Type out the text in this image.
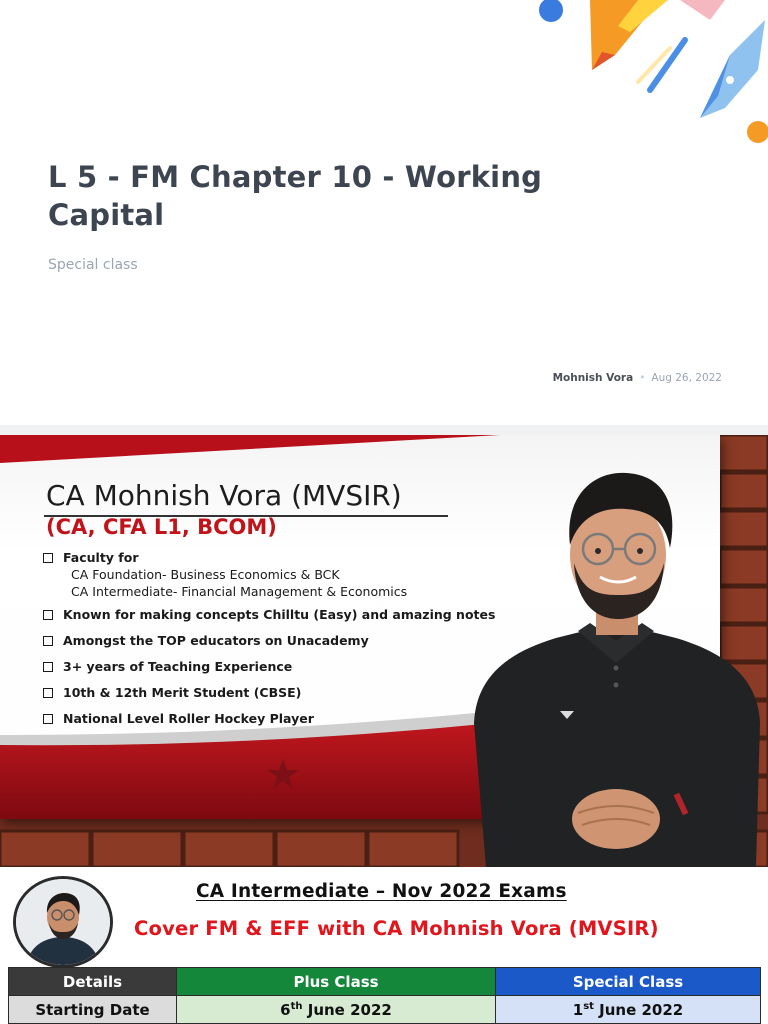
L 5 - FM Chapter 10 - Working Capital
Special class
Mohnish Vora • Aug 26, 2022
CA Mohnish Vora (MVSIR)
(CA, CFA L1, BCOM)
Faculty for
CA Foundation- Business Economics & BCK
CA Intermediate- Financial Management & Economics
Known for making concepts Chilltu (Easy) and amazing notes
Amongst the TOP educators on Unacademy
3+ years of Teaching Experience
10th & 12th Merit Student (CBSE)
National Level Roller Hockey Player
CA Intermediate – Nov 2022 Exams
Cover FM & EFF with CA Mohnish Vora (MVSIR)
Details	Plus Class	Special Class
Starting Date	6th June 2022	1st June 2022
